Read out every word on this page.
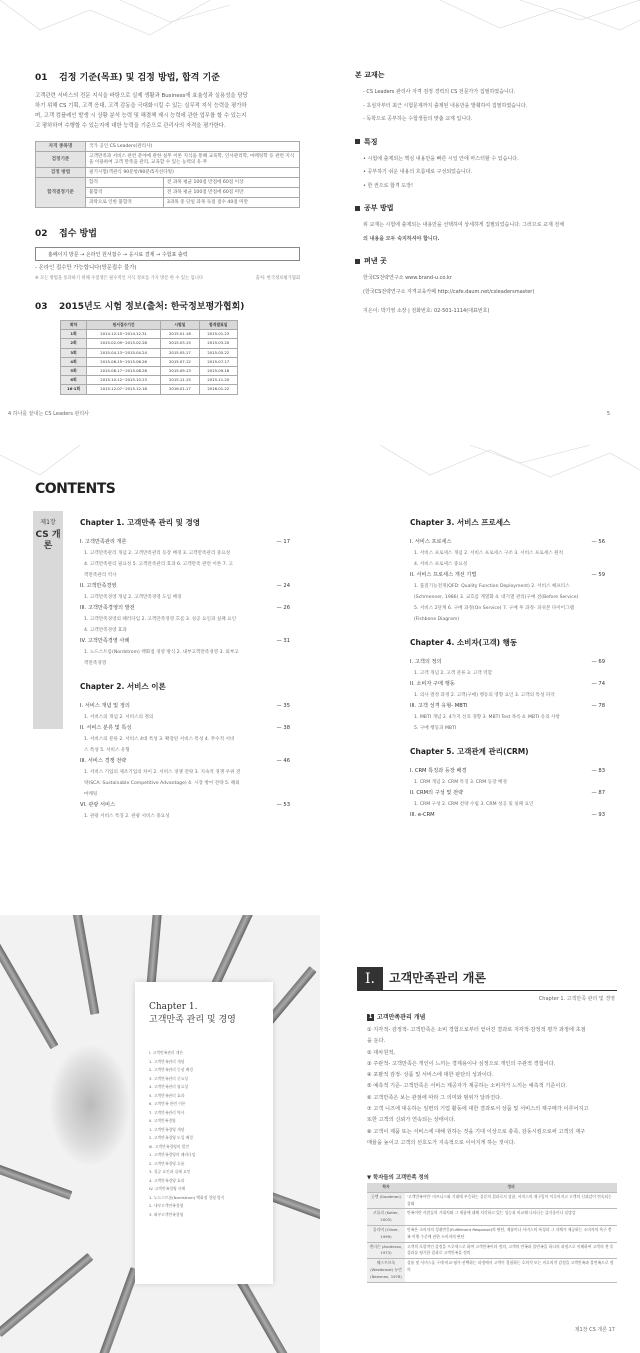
01 검정 기준(목표) 및 검정 방법, 합격 기준
고객관련 서비스의 전문 지식을 바탕으로 실제 생활과 Business에 효율성과 실용성을 담당
하기 위해 CS 기획, 고객 응대, 고객 감동을 극대화시킬 수 있는 실무적 지식 능력을 평가하
며, 고객 컴플레인 발생 시 상황 분석 능력 및 해결책 제시 능력에 관한 업무를 할 수 있는지
고 평하하여 수행할 수 있는지에 대한 능력을 기준으로 관리사의 자격을 평가한다.
자격 종목명	국가 공인 CS Leaders(관리사)	
검정기준	고객만족과 서비스 관련 분야에 관한 실무 이론 지식을 통해 교육학, 인사관리학, 마케팅학 등 관련 지식을 이용하여 고객 만족을 관리, 교육할 수 있는 능력의 유·무	
검정 방법	필기시험(객관식 90문항/90분/5지선다형)	
합격결정기준	합격	전 과목 평균 100점 만점에 60점 이상
	불합격	전 과목 평균 100점 만점에 60점 미만
	과락으로 인한 불합격	3과목 중 단일 과목 득점 점수 40점 미만
02 접수 방법
홈페이지 방문 → 온라인 원서접수 → 응시료 결제 → 수험표 출력
- 온라인 접수만 가능합니다(방문접수 불가)
※ 모든 방법을 통과하기 위해 수험생은 필수적인 지식 정보를 가지 방문 한 수 있는 입니다	출처: 한국정보평가협회
03 2015년도 시험 정보(출처: 한국정보평가협회)
회차	원서접수기간	시험일	합격발표일
1회	2014.12.15~2014.12.31	2015.01.18	2015.01.23
2회	2015.02.09~2015.02.28	2015.03.15	2015.03.20
3회	2015.04.13~2015.04.24	2015.05.17	2015.05.22
4회	2015.06.15~2015.06.26	2015.07.12	2015.07.17
5회	2015.08.17~2015.08.28	2015.09.13	2015.09.18
6회	2015.10.12~2015.10.23	2015.11.15	2015.11.20
16-1회	2015.12.07~2015.12.18	2016.01.17	2016.01.22
4 하나를 끝내는 CS Leaders 관리사
본 교재는
- CS Leaders 관리사 자격 검정 경력의 CS 전문가가 집필하였습니다.
- 초심자부터 최근 시험문제까지 출제된 내용만을 발췌하여 집필하였습니다.
- 독학으로 공부하는 수험생들의 맞춤 교재 입니다.
특징
• 시험에 출제되는 핵심 내용만을 빠른 시일 안에 마스터할 수 있습니다.
• 공부하기 쉬운 내용의 흐름대로 구성되었습니다.
• 한 권으로 합격 도장!
공부 방법
위 교재는 시험에 출제되는 내용만을 선택하여 상세하게 집필되었습니다. 그러므로 교재 전체
의 내용을 모두 숙지하셔야 합니다.
펴낸 곳
한국CS전략연구소 www.brand-u.co.kr
(한국CS전략연구소 자격교육카페 http://cafe.daum.net/csleadersmaster)
지은이: 박기영 소장 | 전화번호: 02-501-1114(대표번호)
5
CONTENTS
제1장
CS 개론
Chapter 1. 고객만족 관리 및 경영
I. 고객만족관리 개론	— 17
1. 고객만족관리 개념 2. 고객만족관리 등장 배경 3. 고객만족관리 중요성
4. 고객만족관리 필요성 5. 고객만족관리 효과 6. 고객만족 관련 이론 7. 고
객만족관리 역사
II. 고객만족경영	— 24
1. 고객만족경영 개념 2. 고객만족경영 도입 배경
III. 고객만족경영의 발전	— 26
1. 고객만족경영의 패러다임 2. 고객만족경영 흐름 3. 성공 요인과 실패 요인
4. 고객만족경영 효과
IV. 고객만족경영 사례	— 31
1. 노드스트롬(Nordstrom) 백화점 경영 방식 2. 내부고객만족경영 3. 외부고
객만족경영
Chapter 2. 서비스 이론
I. 서비스 개념 및 정의	— 35
1. 서비스의 개념 2. 서비스의 정의
II. 서비스 분류 및 특성	— 38
1. 서비스의 분류 2. 서비스 4대 특성 3. 확장된 서비스 특성 4. 무수적 서비
스 특성 5. 서비스 유형
III. 서비스 경쟁 전략	— 46
1. 서비스 기업의 제조기업의 차이 2. 서비스 경쟁 전략 3. 지속적 경쟁 우위 전
략(SCA: Sustainable Competitive Advantage) 4. 시장 방어 전략 5. 해외
마케팅
VI. 관광 서비스	— 53
1. 관광 서비스 특징 2. 관광 서비스 중요성
Chapter 3. 서비스 프로세스
I. 서비스 프로세스	— 56
1. 서비스 프로세스 개념 2. 서비스 프로세스 구조 3. 서비스 프로세스 원칙
4. 서비스 프로세스 중요성
II. 서비스 프로세스 개선 기법	— 59
1. 품질기능전개(QFD: Quality Function Deployment) 2. 서비스 쎄프티스
(Schmenner, 1986) 3. 교흐름 계열화 4. 대기열 관리(구매 전(Before Service)
5. 서비스 2단계 6. 구매 과정(On Service) 7. 구매 후 과정- 피쉬본 다이어그램
(Fishbone Diagram)
Chapter 4. 소비자(고객) 행동
I. 고객의 정의	— 69
1. 고객 개념 2. 고객 분류 3. 고객 역할
II. 소비자 구매 행동	— 74
1. 의사 결정 과정 2. 고객(구매) 행동의 영향 요인 3. 고객의 특성 파악
III. 고객 성격 유형- MBTI	— 78
1. MBTI 개념 2. 4가지 선호 경향 3. MBTI Test 목록 4. MBTI 유의 사항
5. 구매 행동과 MBTI
Chapter 5. 고객관계 관리(CRM)
I. CRM 특징과 등장 배경	— 83
1. CRM 개념 2. CRM 특징 3. CRM 등장 배경
II. CRM의 구성 및 전략	— 87
1. CRM 구성 2. CRM 전략 수립 3. CRM 성공 및 실패 요인
III. e-CRM	— 93
Chapter 1.
고객만족 관리 및 경영
I. 고객만족관리 개론
1. 고객만족관리 개념
2. 고객만족관리 등장 배경
3. 고객만족관리 중요성
4. 고객만족관리 필요성
5. 고객만족관리 효과
6. 고객만족 관련 이론
7. 고객만족관리 역사
II. 고객만족경영
1. 고객만족경영 개념
2. 고객만족경영 도입 배경
III. 고객만족경영의 발전
1. 고객만족경영의 패러다임
2. 고객만족경영 흐름
3. 성공 요인과 실패 요인
4. 고객만족경영 효과
IV. 고객만족경영 사례
1. 노드스트롬(Nordstrom) 백화점 경영 방식
2. 내부고객만족경영
3. 외부고객만족경영
I.	고객만족관리 개론
Chapter 1. 고객만족 관리 및 경영
1 고객만족관리 개념
① 지각적- 감정적- 고객만족은 소비 경험으로부터 얻어진 결과로 지각적·감정적 평가 과정에 초점
을 둔다.
② 대차원적,
③ 주관적- 고객만족은 개인이 느끼는 경제용이나 심정으로 개인의 주관적 경험이다.
④ 포괄적 감정- 상품 및 서비스에 대한 판단의 성과이다.
⑤ 예측적 기준- 고객만족은 서비스 제공자가 제공하는 소비자가 느끼는 예측적 기준이다.
⑥ 고객만족은 보는 관점에 따라 그 의미와 범위가 달라진다.
⑦ 고객 니즈에 대응하는 일련의 기업 활동에 대한 결과로서 상품 및 서비스의 재구매가 이루어지고
또한 고객의 신뢰가 연속되는 상태이다.
⑧ 고객이 제품 또는 서비스에 대해 원하는 것을 기대 이상으로 충족, 감동시킴으로써 고객의 재구
매율을 높이고 고객의 선호도가 지속적으로 이어지게 하는 것이다.
▼ 학자들의 고객만족 정의
학자	정의
굿맨 (Goodman)	'고객만족이란' 비즈니스와 기대에 부응하는 질문의 결과로서 상품, 서비스의 재구입이 이루어지고 고객의 신뢰감이 연속되는 상태
코틀러 (Kotler, 2003)	만족이란 사람들의 기대치와 그 제품에 대해 지각하고 있는 성능과 비교해 나타나는 즐거움이나 실망감
올리버 (Oliver, 1999)	만족은 소비자의 성취반응(Fulfillment Response)의 판단, 제품이나 서비스의 특성과 그 자체가 제공하는 소비자의 욕구 충족 이행 수준에 관한 소비자의 판단
앤더슨 (Anderson, 1973)	고객의 포괄적인 감정을 프로세스로 하여 고객만족이라 정의, 고객의 만족과 불만족을 하나의 과정으로 이해하여 고객의 전·후 성과를 평가한 결과로 고객만족을 정의
웨스트브룩 (Westbrook) 뉴먼 (Newman, 1978)	상품 및 서비스를 구매·비교·평가·선택하는 과정에서 고객이 경험하는 호의적 또는 비호의적 감정을 고객만족과 불만족으로 정의
제1장 CS 개론 17
